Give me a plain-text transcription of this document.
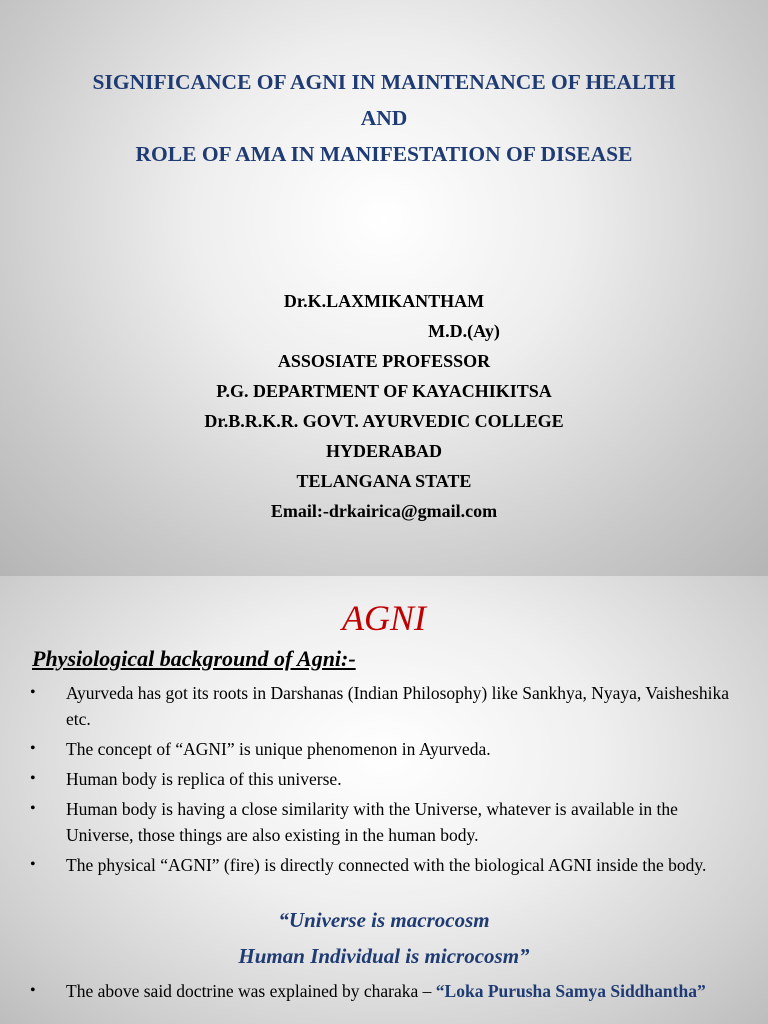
SIGNIFICANCE OF AGNI IN MAINTENANCE OF HEALTH
AND
ROLE OF AMA IN MANIFESTATION OF DISEASE
Dr.K.LAXMIKANTHAM
M.D.(Ay)
ASSOSIATE PROFESSOR
P.G. DEPARTMENT OF KAYACHIKITSA
Dr.B.R.K.R. GOVT. AYURVEDIC COLLEGE
HYDERABAD
TELANGANA STATE
Email:-drkairica@gmail.com
AGNI
Physiological background of Agni:-
• Ayurveda has got its roots in Darshanas (Indian Philosophy) like Sankhya, Nyaya, Vaisheshika etc.
• The concept of “AGNI” is unique phenomenon in Ayurveda.
• Human body is replica of this universe.
• Human body is having a close similarity with the Universe, whatever is available in the Universe, those things are also existing in the human body.
• The physical “AGNI” (fire) is directly connected with the biological AGNI inside the body.
“Universe is macrocosm
Human Individual is microcosm”
• The above said doctrine was explained by charaka – “Loka Purusha Samya Siddhantha”
